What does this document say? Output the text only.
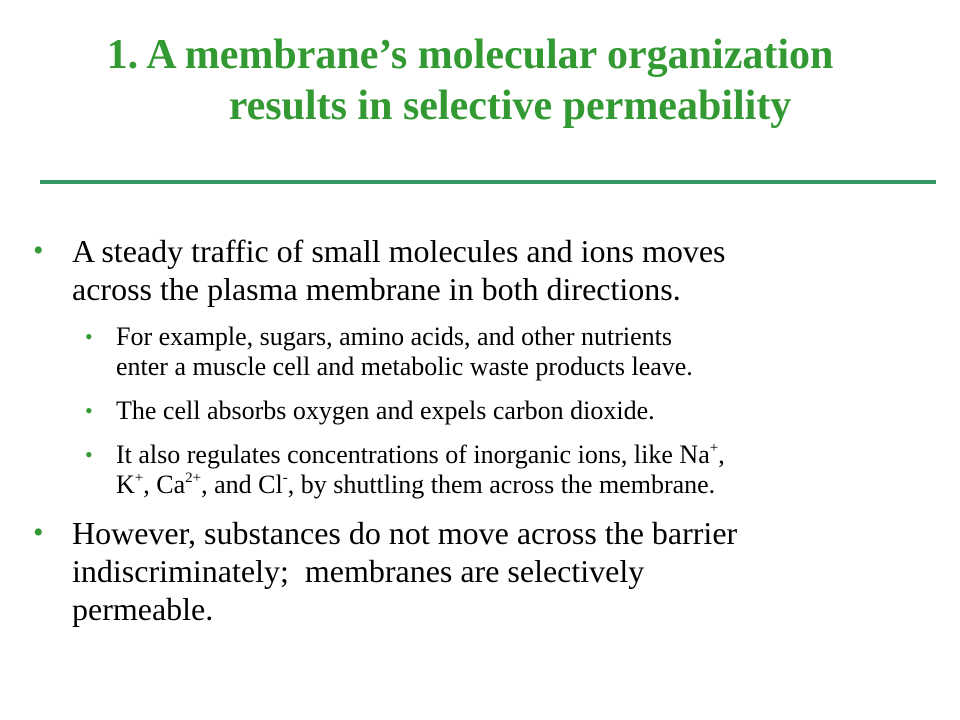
1. A membrane’s molecular organization
results in selective permeability
• A steady traffic of small molecules and ions moves
across the plasma membrane in both directions.
• For example, sugars, amino acids, and other nutrients
enter a muscle cell and metabolic waste products leave.
• The cell absorbs oxygen and expels carbon dioxide.
• It also regulates concentrations of inorganic ions, like Na+,
K+, $Ca^{2+}$, and Cl-, by shuttling them across the membrane.
• However, substances do not move across the barrier
indiscriminately;  membranes are selectively
permeable.
